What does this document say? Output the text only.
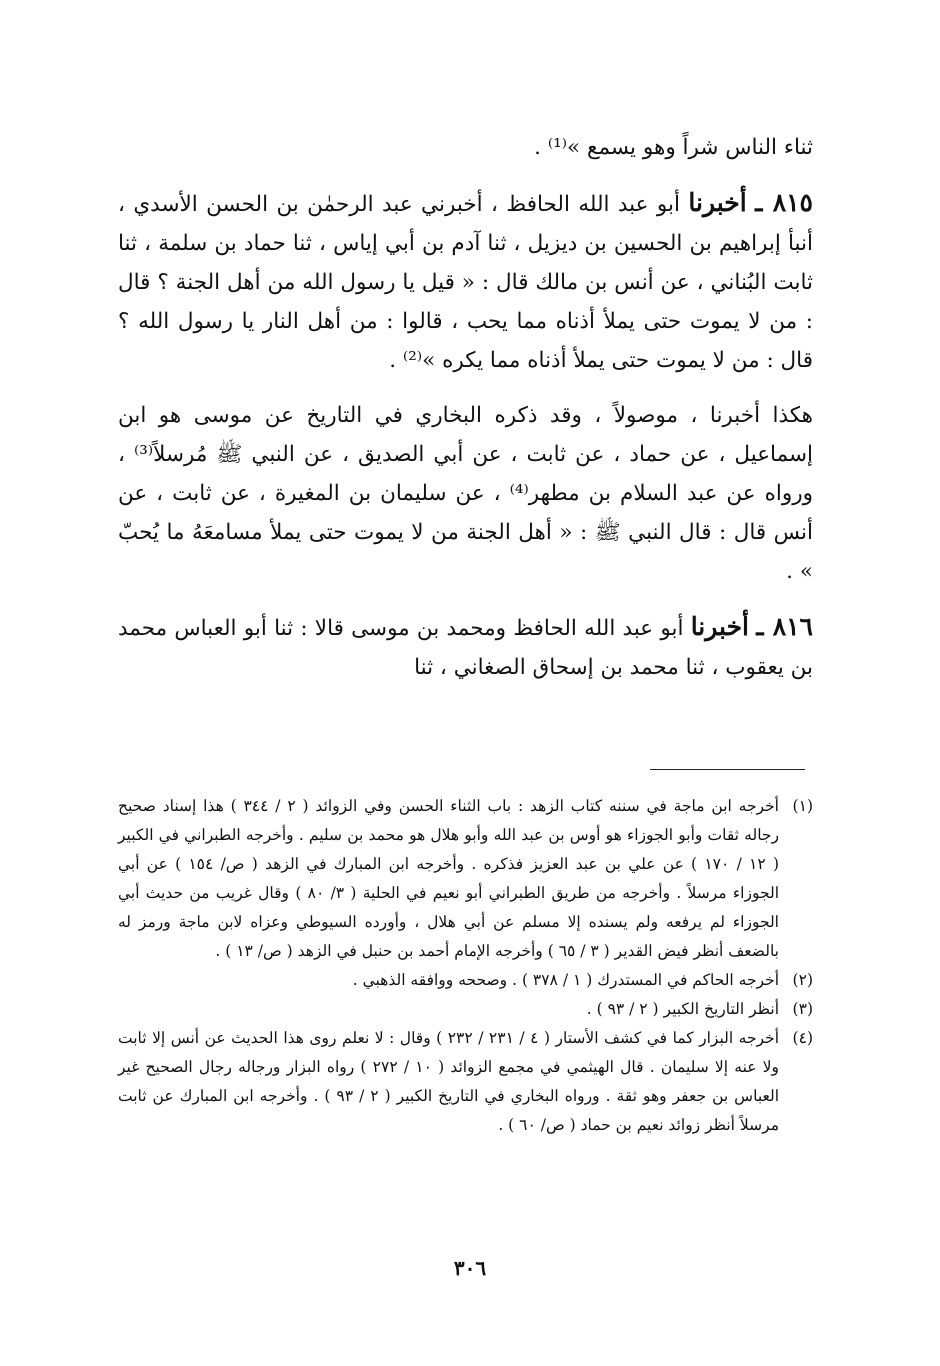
ثناء الناس شراً وهو يسمع »⁽¹⁾ .

٨١٥ ـ أخبرنا أبو عبد الله الحافظ ، أخبرني عبد الرحمٰن بن الحسن الأسدي ، أنبأ إبراهيم بن الحسين بن ديزيل ، ثنا آدم بن أبي إياس ، ثنا حماد بن سلمة ، ثنا ثابت البُناني ، عن أنس بن مالك قال : « قيل يا رسول الله من أهل الجنة ؟ قال : من لا يموت حتى يملأ أذناه مما يحب ، قالوا : من أهل النار يا رسول الله ؟ قال : من لا يموت حتى يملأ أذناه مما يكره »⁽²⁾ .

هكذا أخبرنا ، موصولاً ، وقد ذكره البخاري في التاريخ عن موسى هو ابن إسماعيل ، عن حماد ، عن ثابت ، عن أبي الصديق ، عن النبي ﷺ مُرسلاً⁽³⁾ ، ورواه عن عبد السلام بن مطهر⁽⁴⁾ ، عن سليمان بن المغيرة ، عن ثابت ، عن أنس قال : قال النبي ﷺ : « أهل الجنة من لا يموت حتى يملأ مسامعَهُ ما يُحبّ » .

٨١٦ ـ أخبرنا أبو عبد الله الحافظ ومحمد بن موسى قالا : ثنا أبو العباس محمد بن يعقوب ، ثنا محمد بن إسحاق الصغاني ، ثنا

(١)
أخرجه ابن ماجة في سننه كتاب الزهد : باب الثناء الحسن وفي الزوائد ( ٢ / ٣٤٤ ) هذا إسناد صحيح رجاله ثقات وأبو الجوزاء هو أوس بن عبد الله وأبو هلال هو محمد بن سليم . وأخرجه الطبراني في الكبير ( ١٢ / ١٧٠ ) عن علي بن عبد العزيز فذكره . وأخرجه ابن المبارك في الزهد ( ص/ ١٥٤ ) عن أبي الجوزاء مرسلاً . وأخرجه من طريق الطبراني أبو نعيم في الحلية ( ٣/ ٨٠ ) وقال غريب من حديث أبي الجوزاء لم يرفعه ولم يسنده إلا مسلم عن أبي هلال ، وأورده السيوطي وعزاه لابن ماجة ورمز له بالضعف أنظر فيض القدير ( ٣ / ٦٥ ) وأخرجه الإمام أحمد بن حنبل في الزهد ( ص/ ١٣ ) .
(٢)
أخرجه الحاكم في المستدرك ( ١ / ٣٧٨ ) . وصححه ووافقه الذهبي .
(٣)
أنظر التاريخ الكبير ( ٢ / ٩٣ ) .
(٤)
أخرجه البزار كما في كشف الأستار ( ٤ / ٢٣١ / ٢٣٢ ) وقال : لا نعلم روى هذا الحديث عن أنس إلا ثابت ولا عنه إلا سليمان . قال الهيثمي في مجمع الزوائد ( ١٠ / ٢٧٢ ) رواه البزار ورجاله رجال الصحيح غير العباس بن جعفر وهو ثقة . ورواه البخاري في التاريخ الكبير ( ٢ / ٩٣ ) . وأخرجه ابن المبارك عن ثابت مرسلاً أنظر زوائد نعيم بن حماد ( ص/ ٦٠ ) .
٣٠٦
